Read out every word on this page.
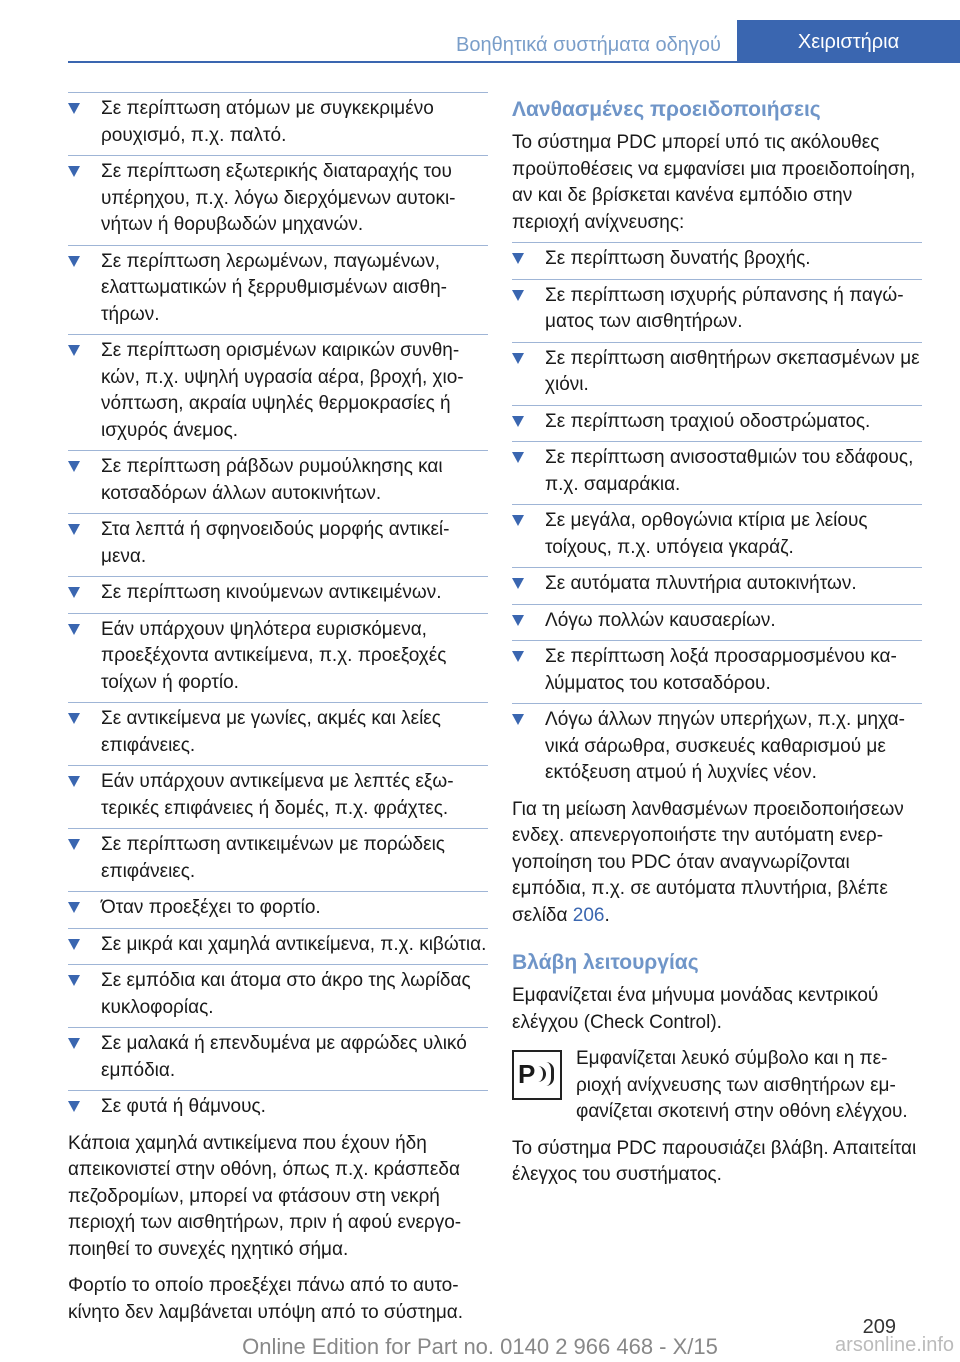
Βοηθητικά συστήματα οδηγού	Χειριστήρια
Σε περίπτωση ατόμων με συγκεκριμένο ρουχισμό, π.χ. παλτό.
Σε περίπτωση εξωτερικής διαταραχής του υπέρηχου, π.χ. λόγω διερχόμενων αυτοκινήτων ή θορυβωδών μηχανών.
Σε περίπτωση λερωμένων, παγωμένων, ελαττωματικών ή ξερρυθμισμένων αισθητήρων.
Σε περίπτωση ορισμένων καιρικών συνθηκών, π.χ. υψηλή υγρασία αέρα, βροχή, χιονόπτωση, ακραία υψηλές θερμοκρασίες ή ισχυρός άνεμος.
Σε περίπτωση ράβδων ρυμούλκησης και κοτσαδόρων άλλων αυτοκινήτων.
Στα λεπτά ή σφηνοειδούς μορφής αντικείμενα.
Σε περίπτωση κινούμενων αντικειμένων.
Εάν υπάρχουν ψηλότερα ευρισκόμενα, προεξέχοντα αντικείμενα, π.χ. προεξοχές τοίχων ή φορτίο.
Σε αντικείμενα με γωνίες, ακμές και λείες επιφάνειες.
Εάν υπάρχουν αντικείμενα με λεπτές εξωτερικές επιφάνειες ή δομές, π.χ. φράχτες.
Σε περίπτωση αντικειμένων με πορώδεις επιφάνειες.
Όταν προεξέχει το φορτίο.
Σε μικρά και χαμηλά αντικείμενα, π.χ. κιβώτια.
Σε εμπόδια και άτομα στο άκρο της λωρίδας κυκλοφορίας.
Σε μαλακά ή επενδυμένα με αφρώδες υλικό εμπόδια.
Σε φυτά ή θάμνους.

Κάποια χαμηλά αντικείμενα που έχουν ήδη απεικονιστεί στην οθόνη, όπως π.χ. κράσπεδα πεζοδρομίων, μπορεί να φτάσουν στη νεκρή περιοχή των αισθητήρων, πριν ή αφού ενεργοποιηθεί το συνεχές ηχητικό σήμα.

Φορτίο το οποίο προεξέχει πάνω από το αυτοκίνητο δεν λαμβάνεται υπόψη από το σύστημα.

Λανθασμένες προειδοποιήσεις

Το σύστημα PDC μπορεί υπό τις ακόλουθες προϋποθέσεις να εμφανίσει μια προειδοποίηση, αν και δε βρίσκεται κανένα εμπόδιο στην περιοχή ανίχνευσης:

Σε περίπτωση δυνατής βροχής.
Σε περίπτωση ισχυρής ρύπανσης ή παγώματος των αισθητήρων.
Σε περίπτωση αισθητήρων σκεπασμένων με χιόνι.
Σε περίπτωση τραχιού οδοστρώματος.
Σε περίπτωση ανισοσταθμιών του εδάφους, π.χ. σαμαράκια.
Σε μεγάλα, ορθογώνια κτίρια με λείους τοίχους, π.χ. υπόγεια γκαράζ.
Σε αυτόματα πλυντήρια αυτοκινήτων.
Λόγω πολλών καυσαερίων.
Σε περίπτωση λοξά προσαρμοσμένου καλύμματος του κοτσαδόρου.
Λόγω άλλων πηγών υπερήχων, π.χ. μηχανικά σάρωθρα, συσκευές καθαρισμού με εκτόξευση ατμού ή λυχνίες νέον.

Για τη μείωση λανθασμένων προειδοποιήσεων ενδεχ. απενεργοποιήστε την αυτόματη ενεργοποίηση του PDC όταν αναγνωρίζονται εμπόδια, π.χ. σε αυτόματα πλυντήρια, βλέπε σελίδα 206.

Βλάβη λειτουργίας

Εμφανίζεται ένα μήνυμα μονάδας κεντρικού ελέγχου (Check Control).

P

Εμφανίζεται λευκό σύμβολο και η περιοχή ανίχνευσης των αισθητήρων εμφανίζεται σκοτεινή στην οθόνη ελέγχου.

Το σύστημα PDC παρουσιάζει βλάβη. Απαιτείται έλεγχος του συστήματος.

209
Online Edition for Part no. 0140 2 966 468 - X/15	arsonline.info
